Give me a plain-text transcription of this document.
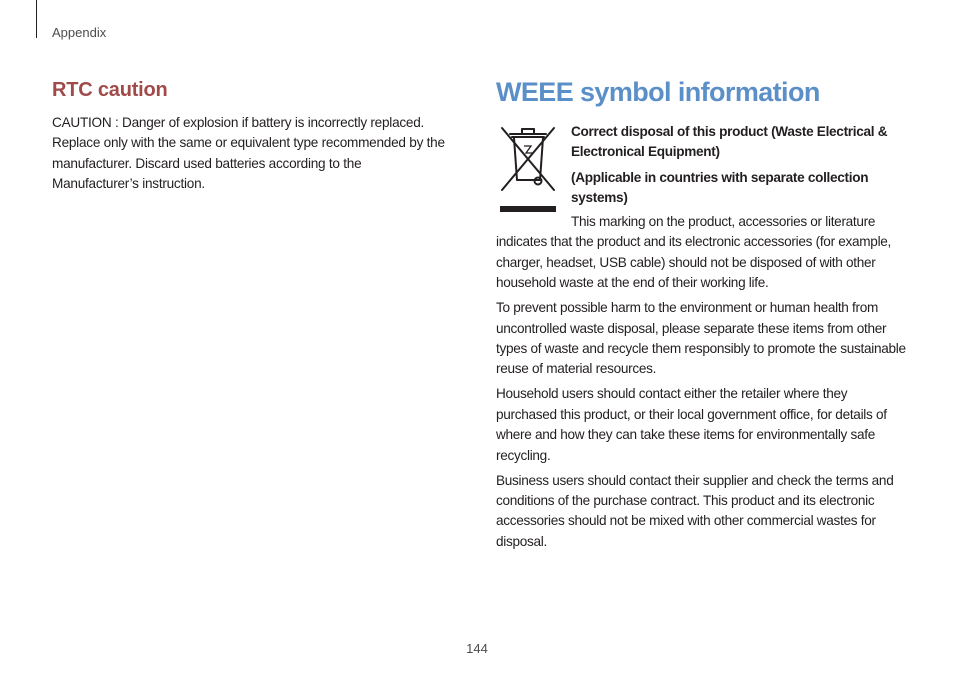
Appendix
RTC caution

CAUTION : Danger of explosion if battery is incorrectly replaced. Replace only with the same or equivalent type recommended by the manufacturer. Discard used batteries according to the Manufacturer’s instruction.

WEEE symbol information

Correct disposal of this product (Waste Electrical & Electronical Equipment)

(Applicable in countries with separate collection systems)

This marking on the product, accessories or literature indicates that the product and its electronic accessories (for example, charger, headset, USB cable) should not be disposed of with other household waste at the end of their working life.

To prevent possible harm to the environment or human health from uncontrolled waste disposal, please separate these items from other types of waste and recycle them responsibly to promote the sustainable reuse of material resources.

Household users should contact either the retailer where they purchased this product, or their local government office, for details of where and how they can take these items for environmentally safe recycling.

Business users should contact their supplier and check the terms and conditions of the purchase contract. This product and its electronic accessories should not be mixed with other commercial wastes for disposal.

144
